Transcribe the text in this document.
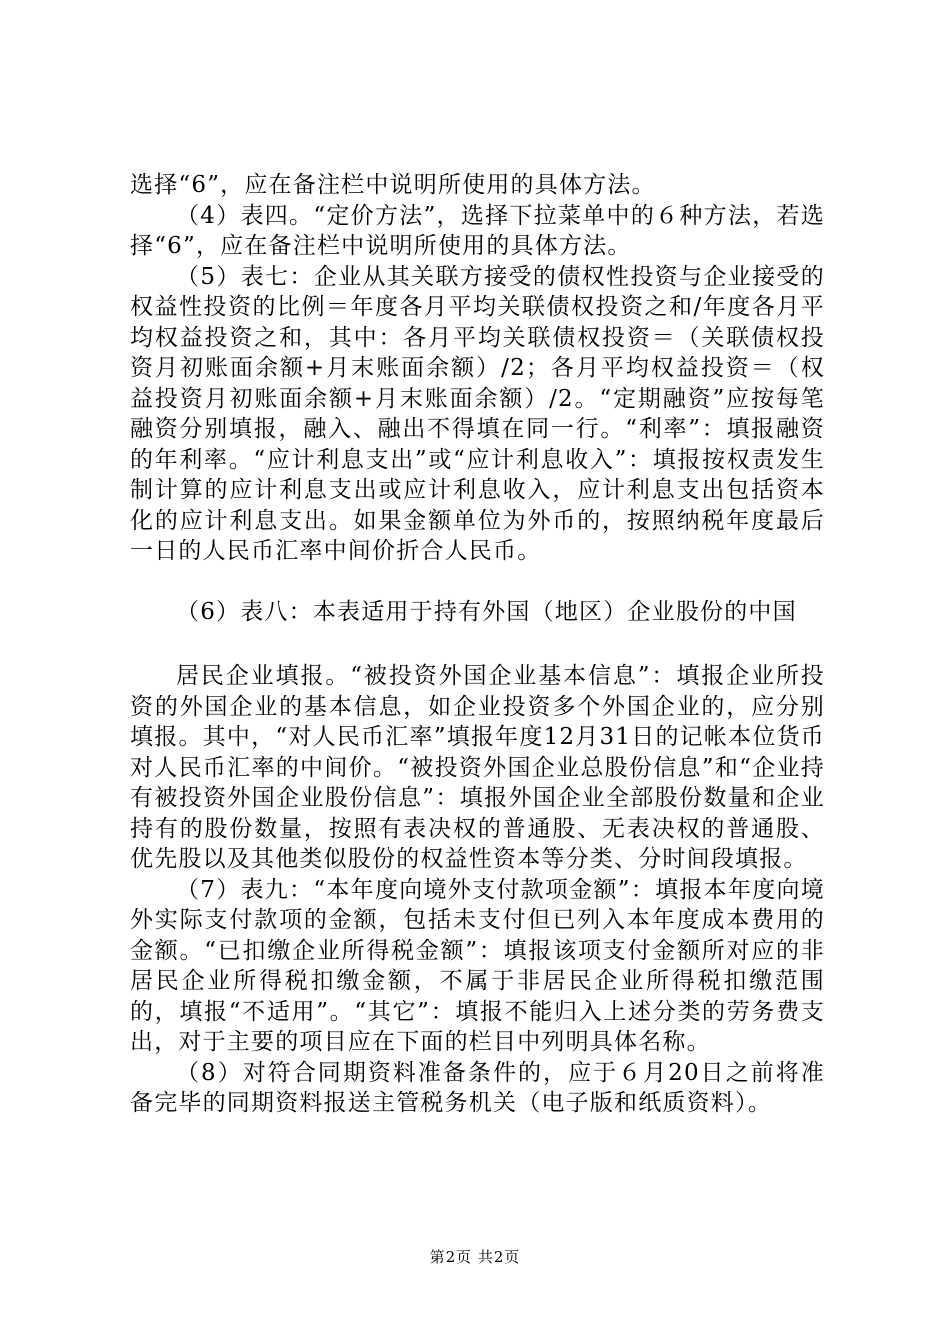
选择“6”，应在备注栏中说明所使用的具体方法。

（4）表四。“定价方法”，选择下拉菜单中的６种方法，若选择“6”，应在备注栏中说明所使用的具体方法。

（5）表七：企业从其关联方接受的债权性投资与企业接受的权益性投资的比例＝年度各月平均关联债权投资之和/年度各月平均权益投资之和，其中：各月平均关联债权投资＝（关联债权投资月初账面余额+月末账面余额）/2；各月平均权益投资＝（权益投资月初账面余额+月末账面余额）/2。“定期融资”应按每笔融资分别填报，融入、融出不得填在同一行。“利率”：填报融资的年利率。“应计利息支出”或“应计利息收入”：填报按权责发生制计算的应计利息支出或应计利息收入，应计利息支出包括资本化的应计利息支出。如果金额单位为外币的，按照纳税年度最后一日的人民币汇率中间价折合人民币。

（6）表八：本表适用于持有外国（地区）企业股份的中国

居民企业填报。“被投资外国企业基本信息”：填报企业所投资的外国企业的基本信息，如企业投资多个外国企业的，应分别填报。其中，“对人民币汇率”填报年度12月31日的记帐本位货币对人民币汇率的中间价。“被投资外国企业总股份信息”和“企业持有被投资外国企业股份信息”：填报外国企业全部股份数量和企业持有的股份数量，按照有表决权的普通股、无表决权的普通股、优先股以及其他类似股份的权益性资本等分类、分时间段填报。

（7）表九：“本年度向境外支付款项金额”：填报本年度向境外实际支付款项的金额，包括未支付但已列入本年度成本费用的金额。“已扣缴企业所得税金额”：填报该项支付金额所对应的非居民企业所得税扣缴金额，不属于非居民企业所得税扣缴范围的，填报“不适用”。“其它”：填报不能归入上述分类的劳务费支出，对于主要的项目应在下面的栏目中列明具体名称。

（8）对符合同期资料准备条件的，应于６月20日之前将准备完毕的同期资料报送主管税务机关（电子版和纸质资料）。

第2页 共2页
